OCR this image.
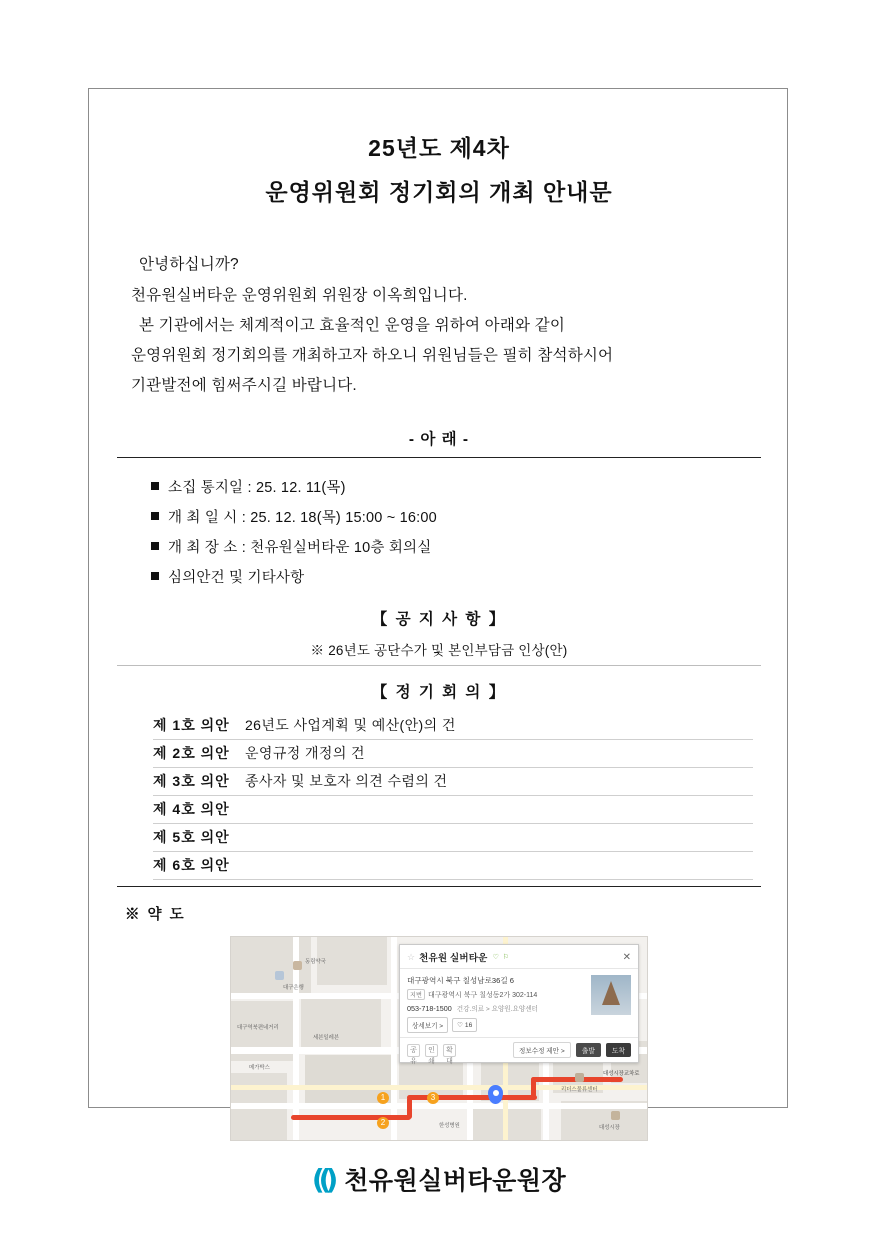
25년도 제4차
운영위원회 정기회의 개최 안내문

안녕하십니까?

천유원실버타운 운영위원회 위원장 이옥희입니다.

본 기관에서는 체계적이고 효율적인 운영을 위하여 아래와 같이

운영위원회 정기회의를 개최하고자 하오니 위원님들은 필히 참석하시어

기관발전에 힘써주시길 바랍니다.

- 아 래 -
소집 통지일 : 25. 12. 11(목)
개 최 일 시 : 25. 12. 18(목) 15:00 ~ 16:00
개 최 장 소 : 천유원실버타운 10층 회의실
심의안건 및 기타사항
【 공 지 사 항 】
※ 26년도 공단수가 및 본인부담금 인상(안)
【 정 기 회 의 】
제 1호 의안	26년도 사업계획 및 예산(안)의 건
제 2호 의안	운영규정 개정의 건
제 3호 의안	종사자 및 보호자 의견 수렴의 건
제 4호 의안
제 5호 의안
제 6호 의안
※ 약 도
1
2
3
동림약국
대구은행
대구역북편네거리
세븐일레븐
메가박스
한성병원
리더스물류센터
대성시장
대성시장교차로
☆ 천유원 실버타운 ♡ ⚐	✕
대구광역시 북구 칠성남로36길 6
지번 대구광역시 북구 칠성동2가 302-114
053-718-1500 건강.의료 > 요양원.요양센터
상세보기 >	♡ 16
공유
인쇄
확대
정보수정 제안 >	출발	도착
(() 천유원실버타운원장
